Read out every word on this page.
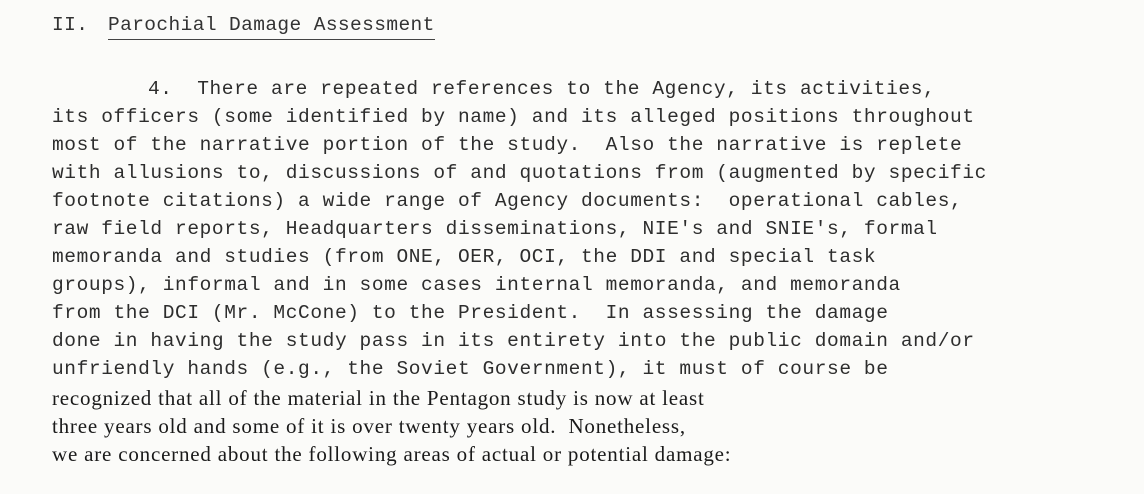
II. Parochial Damage Assessment
4.  There are repeated references to the Agency, its activities,
its officers (some identified by name) and its alleged positions throughout
most of the narrative portion of the study.  Also the narrative is replete
with allusions to, discussions of and quotations from (augmented by specific
footnote citations) a wide range of Agency documents:  operational cables,
raw field reports, Headquarters disseminations, NIE's and SNIE's, formal
memoranda and studies (from ONE, OER, OCI, the DDI and special task
groups), informal and in some cases internal memoranda, and memoranda
from the DCI (Mr. McCone) to the President.  In assessing the damage
done in having the study pass in its entirety into the public domain and/or
unfriendly hands (e.g., the Soviet Government), it must of course be
recognized that all of the material in the Pentagon study is now at least
three years old and some of it is over twenty years old.  Nonetheless,
we are concerned about the following areas of actual or potential damage:
